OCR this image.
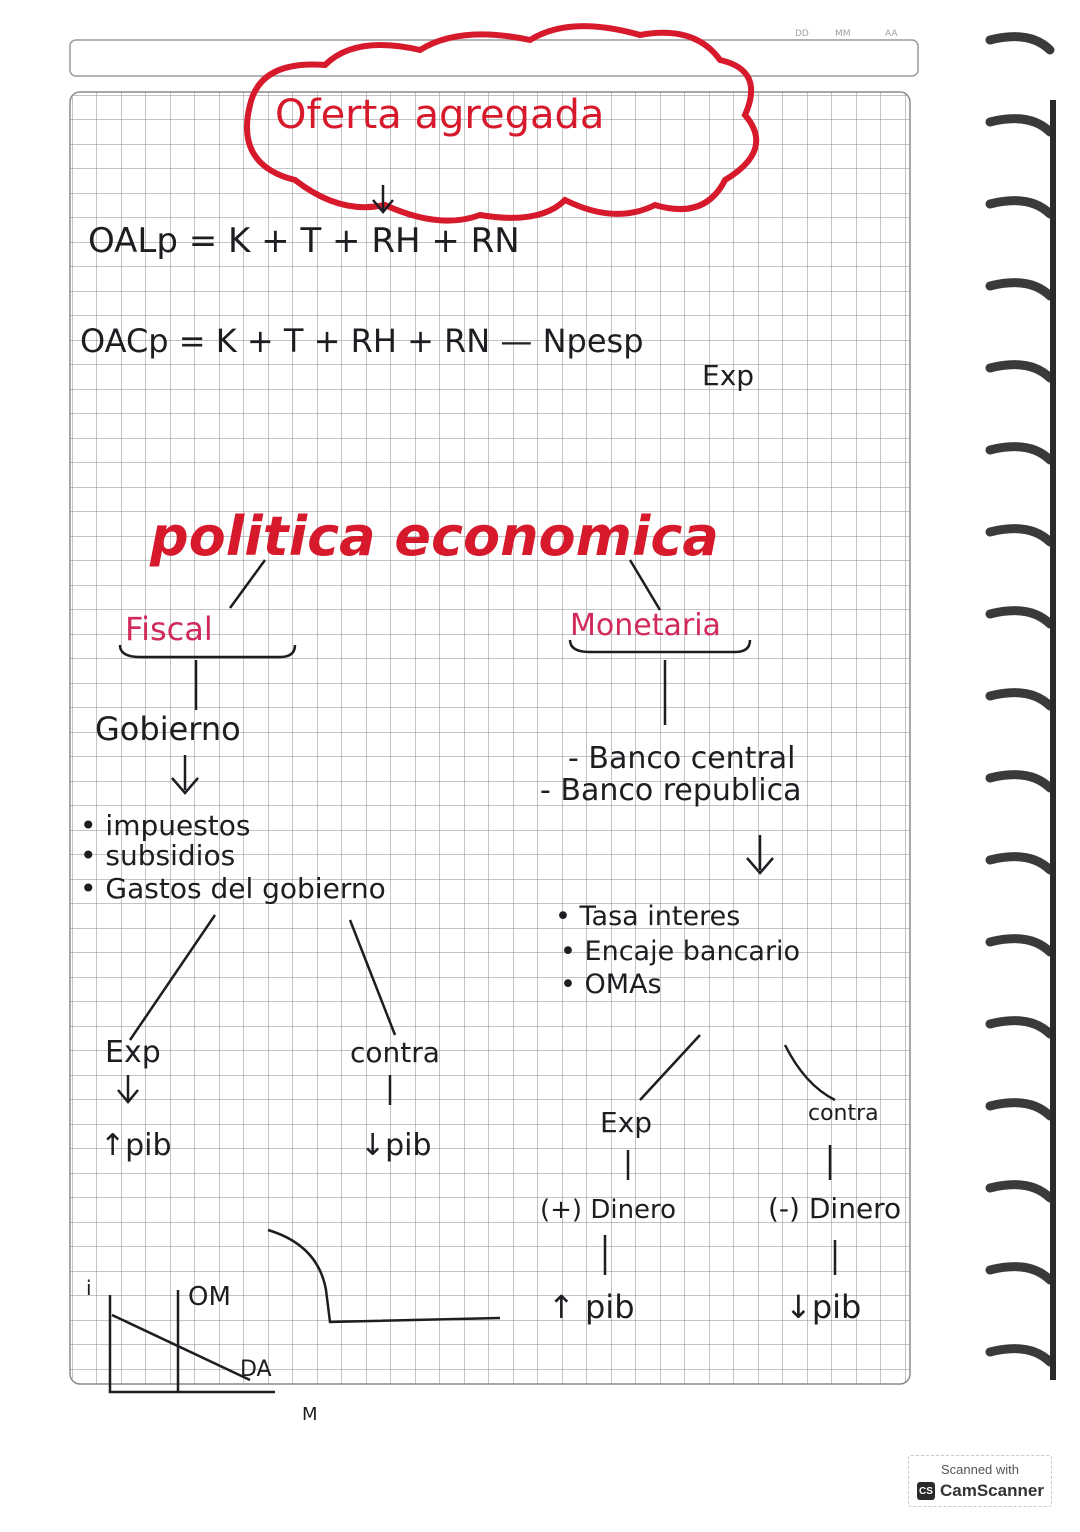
DD	MM	AA
Oferta agregada
OALp = K + T + RH + RN
OACp = K + T + RH + RN — Npesp
Exp
politica economica
Fiscal
Gobierno
• impuestos
• subsidios
• Gastos del gobierno
Exp	contra
↑pib	↓pib
Monetaria
- Banco central
- Banco republica
• Tasa interes
• Encaje bancario
• OMAs
Exp	contra
(+) Dinero	(-) Dinero
↑ pib	↓pib
i	OM
DA
M
Scanned with
CS CamScanner
